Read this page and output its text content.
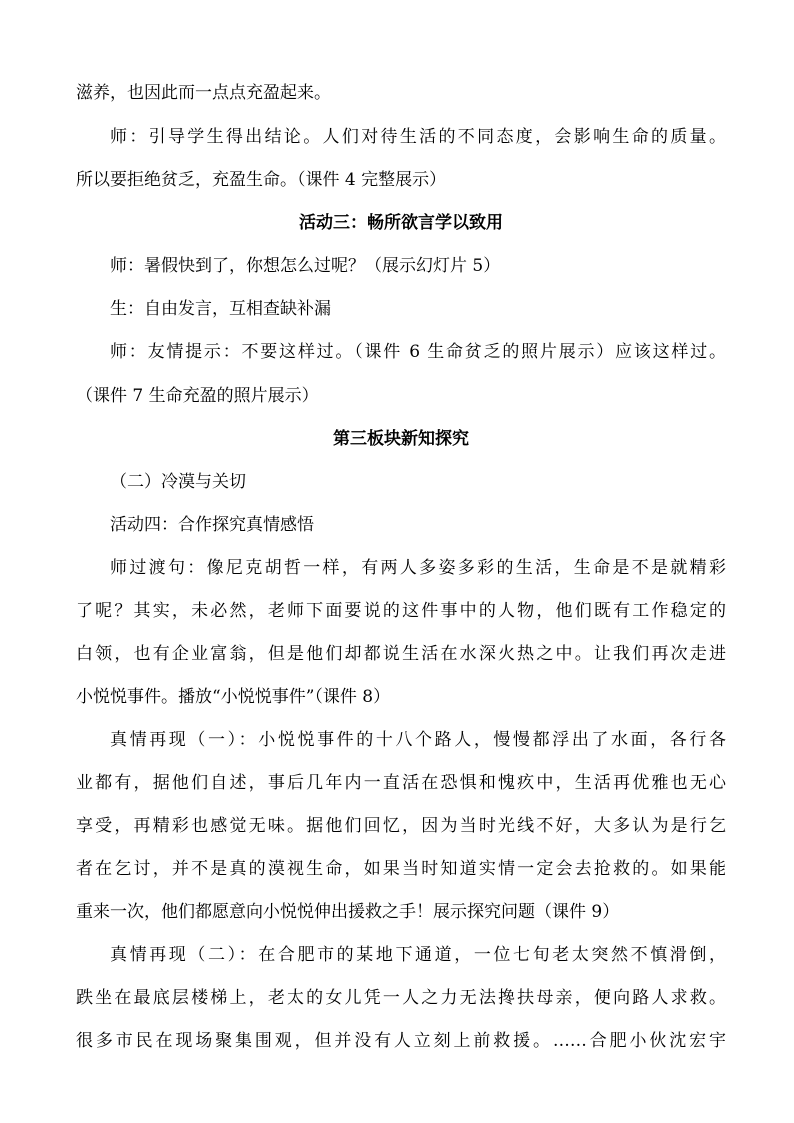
滋养，也因此而一点点充盈起来。
师：引导学生得出结论。人们对待生活的不同态度，会影响生命的质量。
所以要拒绝贫乏，充盈生命。（课件 4 完整展示）
活动三：畅所欲言学以致用
师：暑假快到了，你想怎么过呢？（展示幻灯片 5）
生：自由发言，互相查缺补漏
师：友情提示：不要这样过。（课件 6 生命贫乏的照片展示）应该这样过。
（课件 7 生命充盈的照片展示）
第三板块新知探究
（二）冷漠与关切
活动四：合作探究真情感悟
师过渡句：像尼克胡哲一样，有两人多姿多彩的生活，生命是不是就精彩
了呢？其实，未必然，老师下面要说的这件事中的人物，他们既有工作稳定的
白领，也有企业富翁，但是他们却都说生活在水深火热之中。让我们再次走进
小悦悦事件。播放“小悦悦事件”（课件 8）
真情再现（一）：小悦悦事件的十八个路人，慢慢都浮出了水面，各行各
业都有，据他们自述，事后几年内一直活在恐惧和愧疚中，生活再优雅也无心
享受，再精彩也感觉无味。据他们回忆，因为当时光线不好，大多认为是行乞
者在乞讨，并不是真的漠视生命，如果当时知道实情一定会去抢救的。如果能
重来一次，他们都愿意向小悦悦伸出援救之手！展示探究问题（课件 9）
真情再现（二）：在合肥市的某地下通道，一位七旬老太突然不慎滑倒，
跌坐在最底层楼梯上，老太的女儿凭一人之力无法搀扶母亲，便向路人求救。
很多市民在现场聚集围观，但并没有人立刻上前救援。……合肥小伙沈宏宇
